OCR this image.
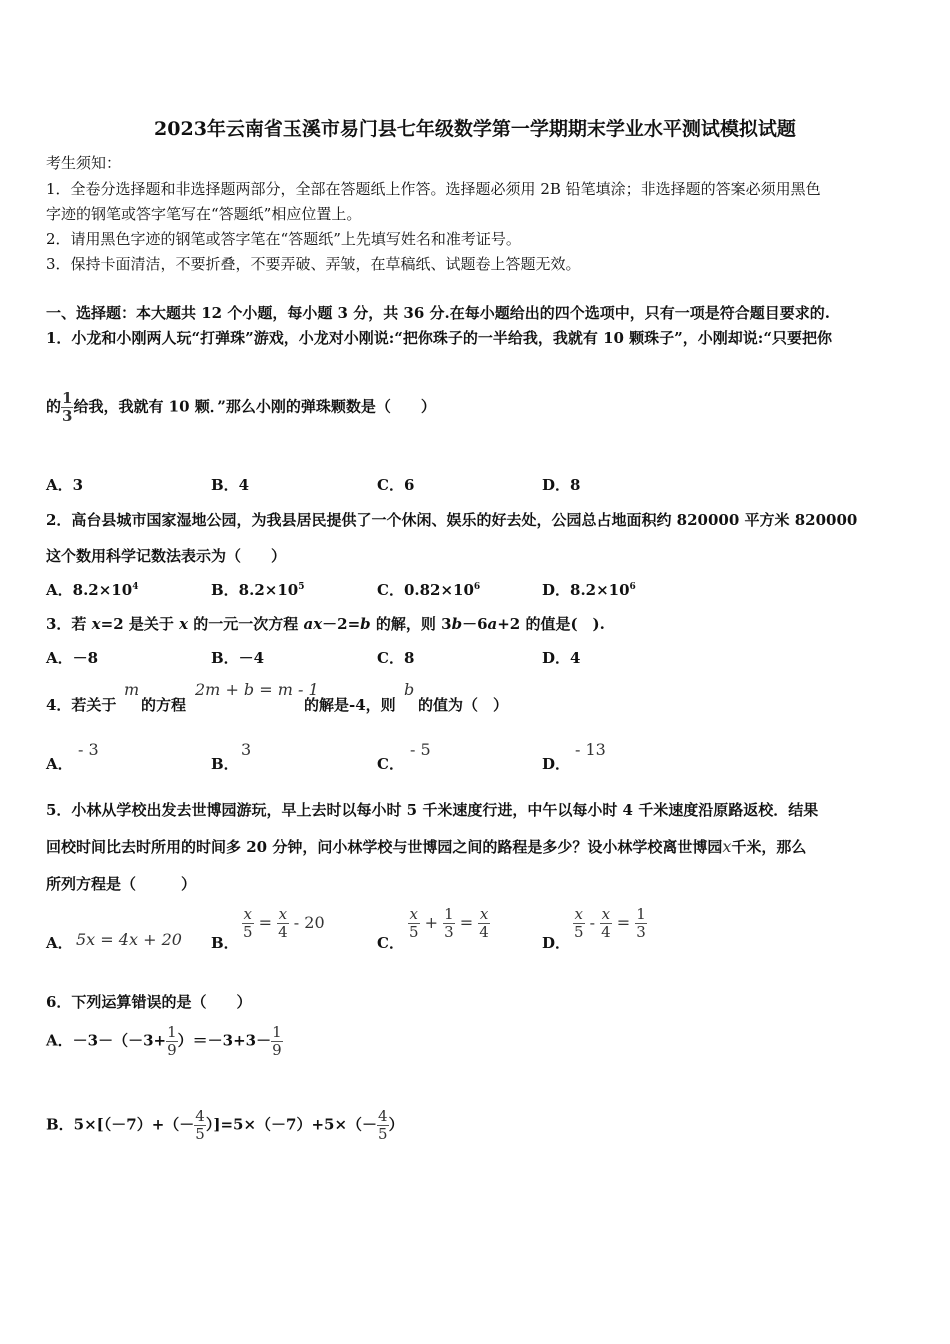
2023年云南省玉溪市易门县七年级数学第一学期期末学业水平测试模拟试题
考生须知：
1．全卷分选择题和非选择题两部分，全部在答题纸上作答。选择题必须用 2B 铅笔填涂；非选择题的答案必须用黑色
字迹的钢笔或答字笔写在“答题纸”相应位置上。
2．请用黑色字迹的钢笔或答字笔在“答题纸”上先填写姓名和准考证号。
3．保持卡面清洁，不要折叠，不要弄破、弄皱，在草稿纸、试题卷上答题无效。
一、选择题：本大题共 12 个小题，每小题 3 分，共 36 分.在每小题给出的四个选项中，只有一项是符合题目要求的.
1．小龙和小刚两人玩“打弹珠”游戏，小龙对小刚说:“把你珠子的一半给我，我就有 10 颗珠子”，小刚却说:“只要把你
的 $\frac{1}{3}$ 给我，我就有 10 颗．”那么小刚的弹珠颗数是（　　）
A．3	B．4	C．6	D．8
2．高台县城市国家湿地公园，为我县居民提供了一个休闲、娱乐的好去处，公园总占地面积约 820000 平方米 820000
这个数用科学记数法表示为（　　）
A．$8.2\times 10^4$	B．$8.2\times 10^5$	C．$0.82\times 10^6$	D．$8.2\times 10^6$
3．若 x=2 是关于 x 的一元一次方程 ax－2=b 的解，则 3b－6a+2 的值是(　).
A．－8	B．－4	C．8	D．4
4．若关于
m
的方程
2m + b = m - 1
的解是-4，则
b
的值为（　）
A．
- 3
B．
3
C．
- 5
D．
- 13
5．小林从学校出发去世博园游玩，早上去时以每小时 5 千米速度行进，中午以每小时 4 千米速度沿原路返校．结果
回校时间比去时所用的时间多 20 分钟，问小林学校与世博园之间的路程是多少？设小林学校离世博园x千米，那么
所列方程是（　　　）
A． 5x = 4x + 20 B．
$\frac{x}{5} = \frac{x}{4} - 20$
C．
$\frac{x}{5} + \frac{1}{3} = \frac{x}{4}$
D．
$\frac{x}{5} - \frac{x}{4} = \frac{1}{3}$
6．下列运算错误的是（　　）
A．$-3-(-3+ \frac{1}{9} )=-3+3- \frac{1}{9}$
B．$5\times[(-7)+(- \frac{4}{5} )]=5\times(-7)+5\times(- \frac{4}{5}$ ）
